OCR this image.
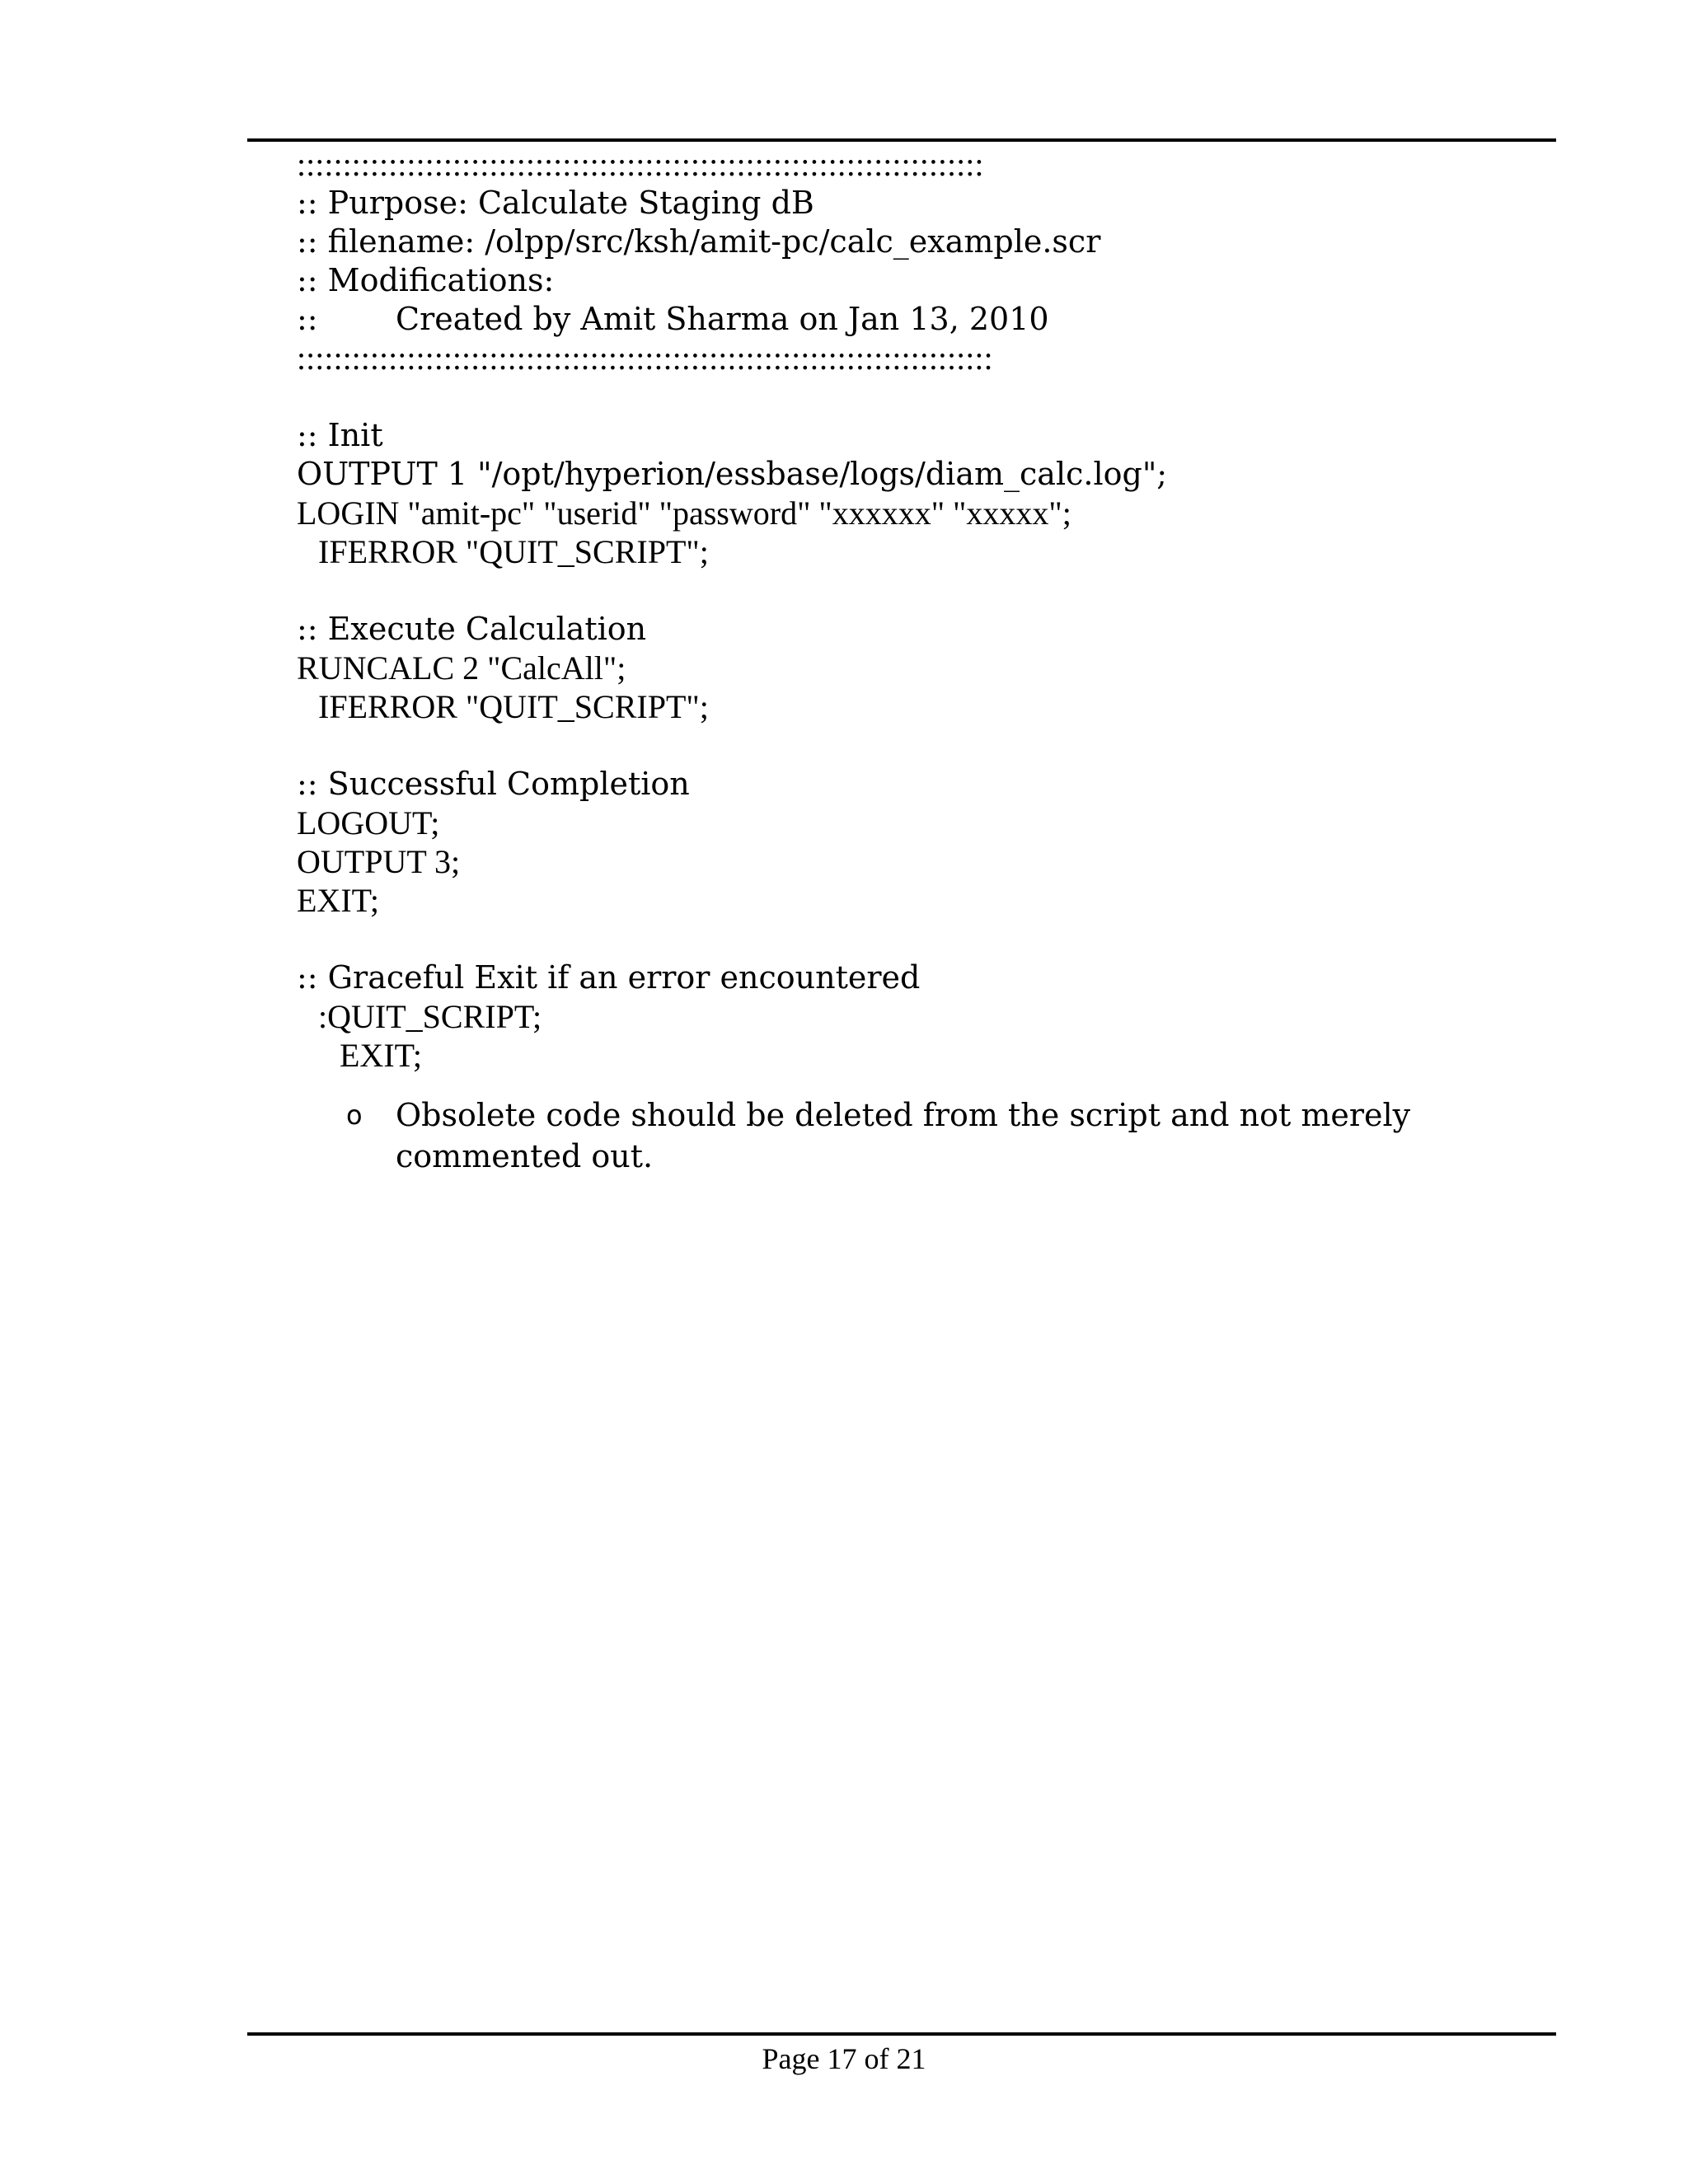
:::::::::::::::::::::::::::::::::::::::::::::::::::::::::::::::::::::::::::
:: Purpose: Calculate Staging dB
:: filename: /olpp/src/ksh/amit-pc/calc_example.scr
:: Modifications:
:: Created by Amit Sharma on Jan 13, 2010
::::::::::::::::::::::::::::::::::::::::::::::::::::::::::::::::::::::::::::
:: Init
OUTPUT 1 "/opt/hyperion/essbase/logs/diam_calc.log";
LOGIN "amit-pc" "userid" "password" "xxxxxx" "xxxxx";
IFERROR "QUIT_SCRIPT";
:: Execute Calculation
RUNCALC 2 "CalcAll";
IFERROR "QUIT_SCRIPT";
:: Successful Completion
LOGOUT;
OUTPUT 3;
EXIT;
:: Graceful Exit if an error encountered
:QUIT_SCRIPT;
EXIT;
o Obsolete code should be deleted from the script and not merely commented out.
Page 17 of 21
